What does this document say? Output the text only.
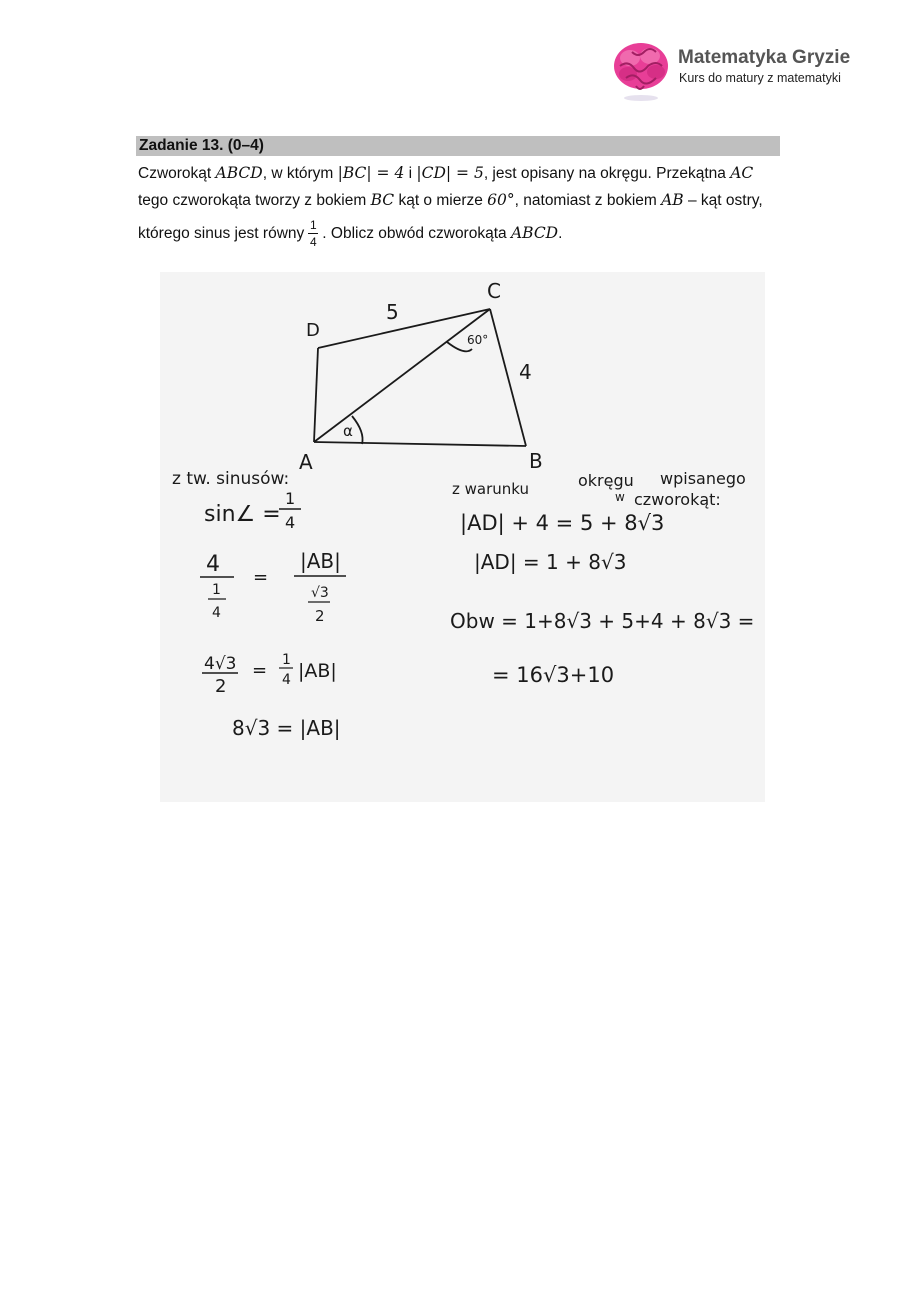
Matematyka Gryzie
Kurs do matury z matematyki
Zadanie 13. (0–4)
Czworokąt ABCD, w którym |BC| = 4 i |CD| = 5, jest opisany na okręgu. Przekątna AC
tego czworokąta tworzy z bokiem BC kąt o mierze 60°, natomiast z bokiem AB – kąt ostry,
którego sinus jest równy $\frac{1}{4}$ . Oblicz obwód czworokąta
ABCD .
C
D
A	B
5
4
60°
α
z tw. sinusów:
sin∠ =
1
4
4
1
4
=
|AB|
√3
2
4√3
2
= 1
4 |AB|
8√3 = |AB|
z warunku	okręgu wpisanego
w czworokąt:
|AD| + 4 = 5 + 8√3
|AD| = 1 + 8√3
Obw = 1+8√3 + 5+4 + 8√3 =
= 16√3+10
